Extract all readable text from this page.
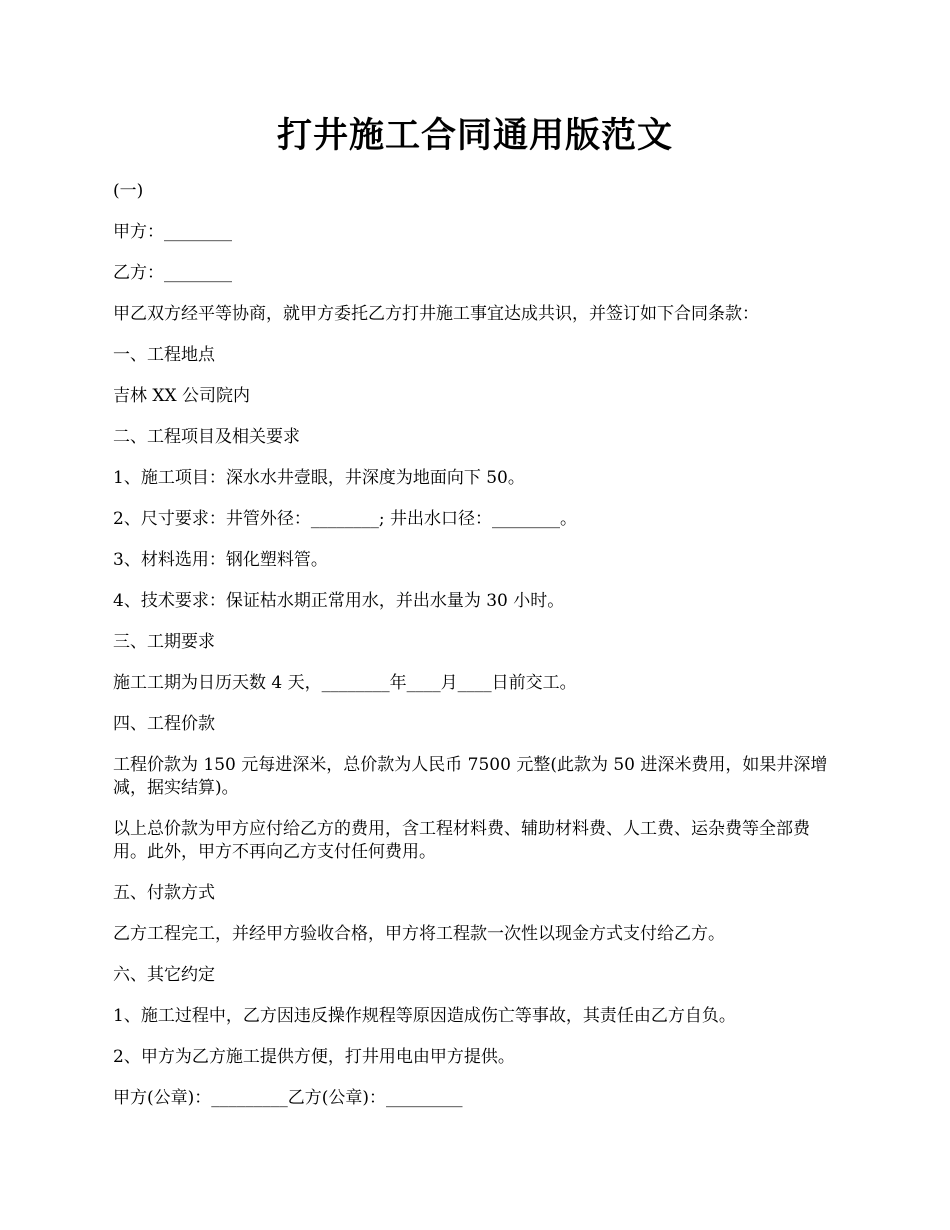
打井施工合同通用版范文

(一)

甲方：________

乙方：________

甲乙双方经平等协商，就甲方委托乙方打井施工事宜达成共识，并签订如下合同条款：

一、工程地点

吉林 XX 公司院内

二、工程项目及相关要求

1、施工项目：深水水井壹眼，井深度为地面向下 50。

2、尺寸要求：井管外径：________; 井出水口径：________。

3、材料选用：钢化塑料管。

4、技术要求：保证枯水期正常用水，并出水量为 30 小时。

三、工期要求

施工工期为日历天数 4 天，________年____月____日前交工。

四、工程价款

工程价款为 150 元每进深米，总价款为人民币 7500 元整(此款为 50 进深米费用，如果井深增减，据实结算)。

以上总价款为甲方应付给乙方的费用，含工程材料费、辅助材料费、人工费、运杂费等全部费用。此外，甲方不再向乙方支付任何费用。

五、付款方式

乙方工程完工，并经甲方验收合格，甲方将工程款一次性以现金方式支付给乙方。

六、其它约定

1、施工过程中，乙方因违反操作规程等原因造成伤亡等事故，其责任由乙方自负。

2、甲方为乙方施工提供方便，打井用电由甲方提供。

甲方(公章)：_________乙方(公章)：_________
